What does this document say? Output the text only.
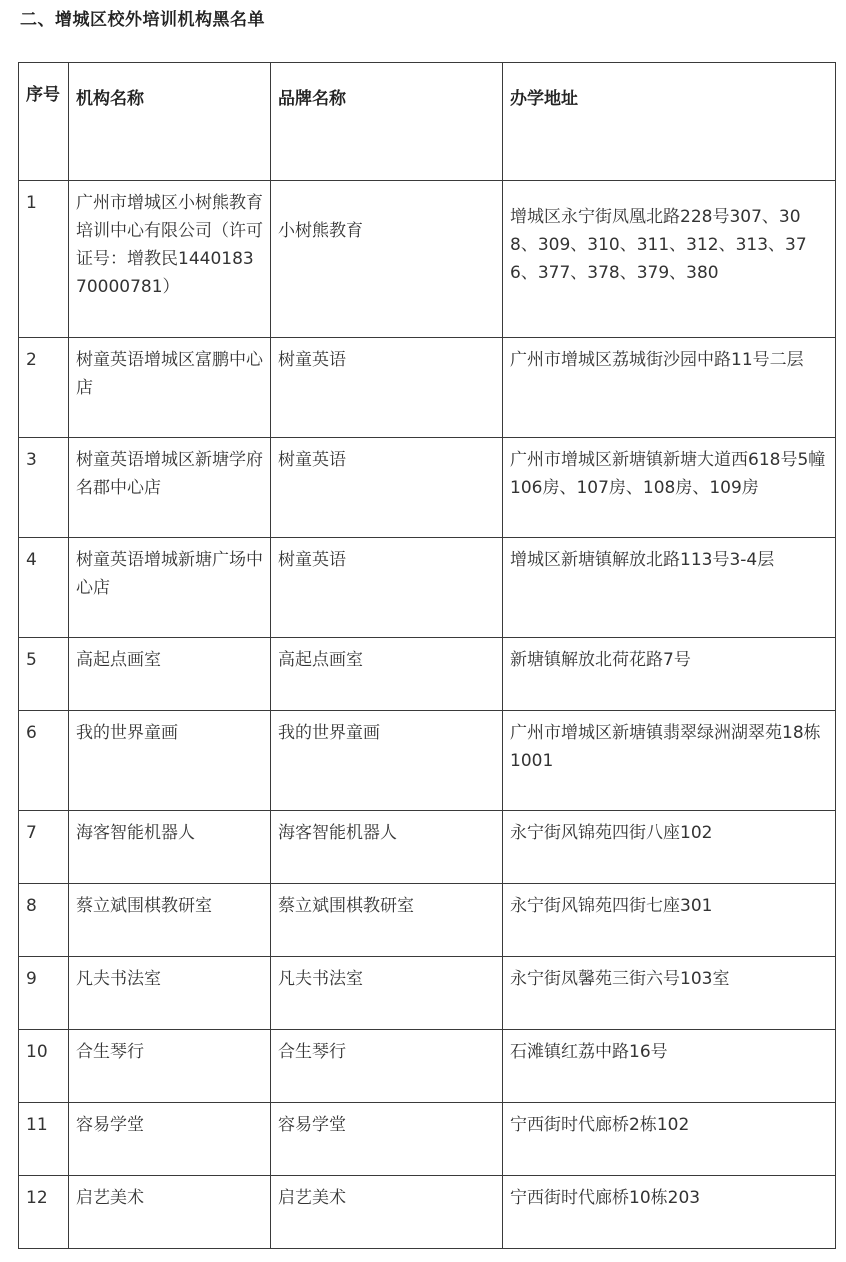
二、增城区校外培训机构黑名单
序号	机构名称	品牌名称	办学地址
1	广州市增城区小树熊教育培训中心有限公司（许可证号：增教民144018370000781）	小树熊教育	增城区永宁街凤凰北路228号307、308、309、310、311、312、313、376、377、378、379、380
2	树童英语增城区富鹏中心店	树童英语	广州市增城区荔城街沙园中路11号二层
3	树童英语增城区新塘学府名郡中心店	树童英语	广州市增城区新塘镇新塘大道西618号5幢106房、107房、108房、109房
4	树童英语增城新塘广场中心店	树童英语	增城区新塘镇解放北路113号3-4层
5	高起点画室	高起点画室	新塘镇解放北荷花路7号
6	我的世界童画	我的世界童画	广州市增城区新塘镇翡翠绿洲湖翠苑18栋1001
7	海客智能机器人	海客智能机器人	永宁街风锦苑四街八座102
8	蔡立斌围棋教研室	蔡立斌围棋教研室	永宁街风锦苑四街七座301
9	凡夫书法室	凡夫书法室	永宁街凤馨苑三街六号103室
10	合生琴行	合生琴行	石滩镇红荔中路16号
11	容易学堂	容易学堂	宁西街时代廊桥2栋102
12	启艺美术	启艺美术	宁西街时代廊桥10栋203
